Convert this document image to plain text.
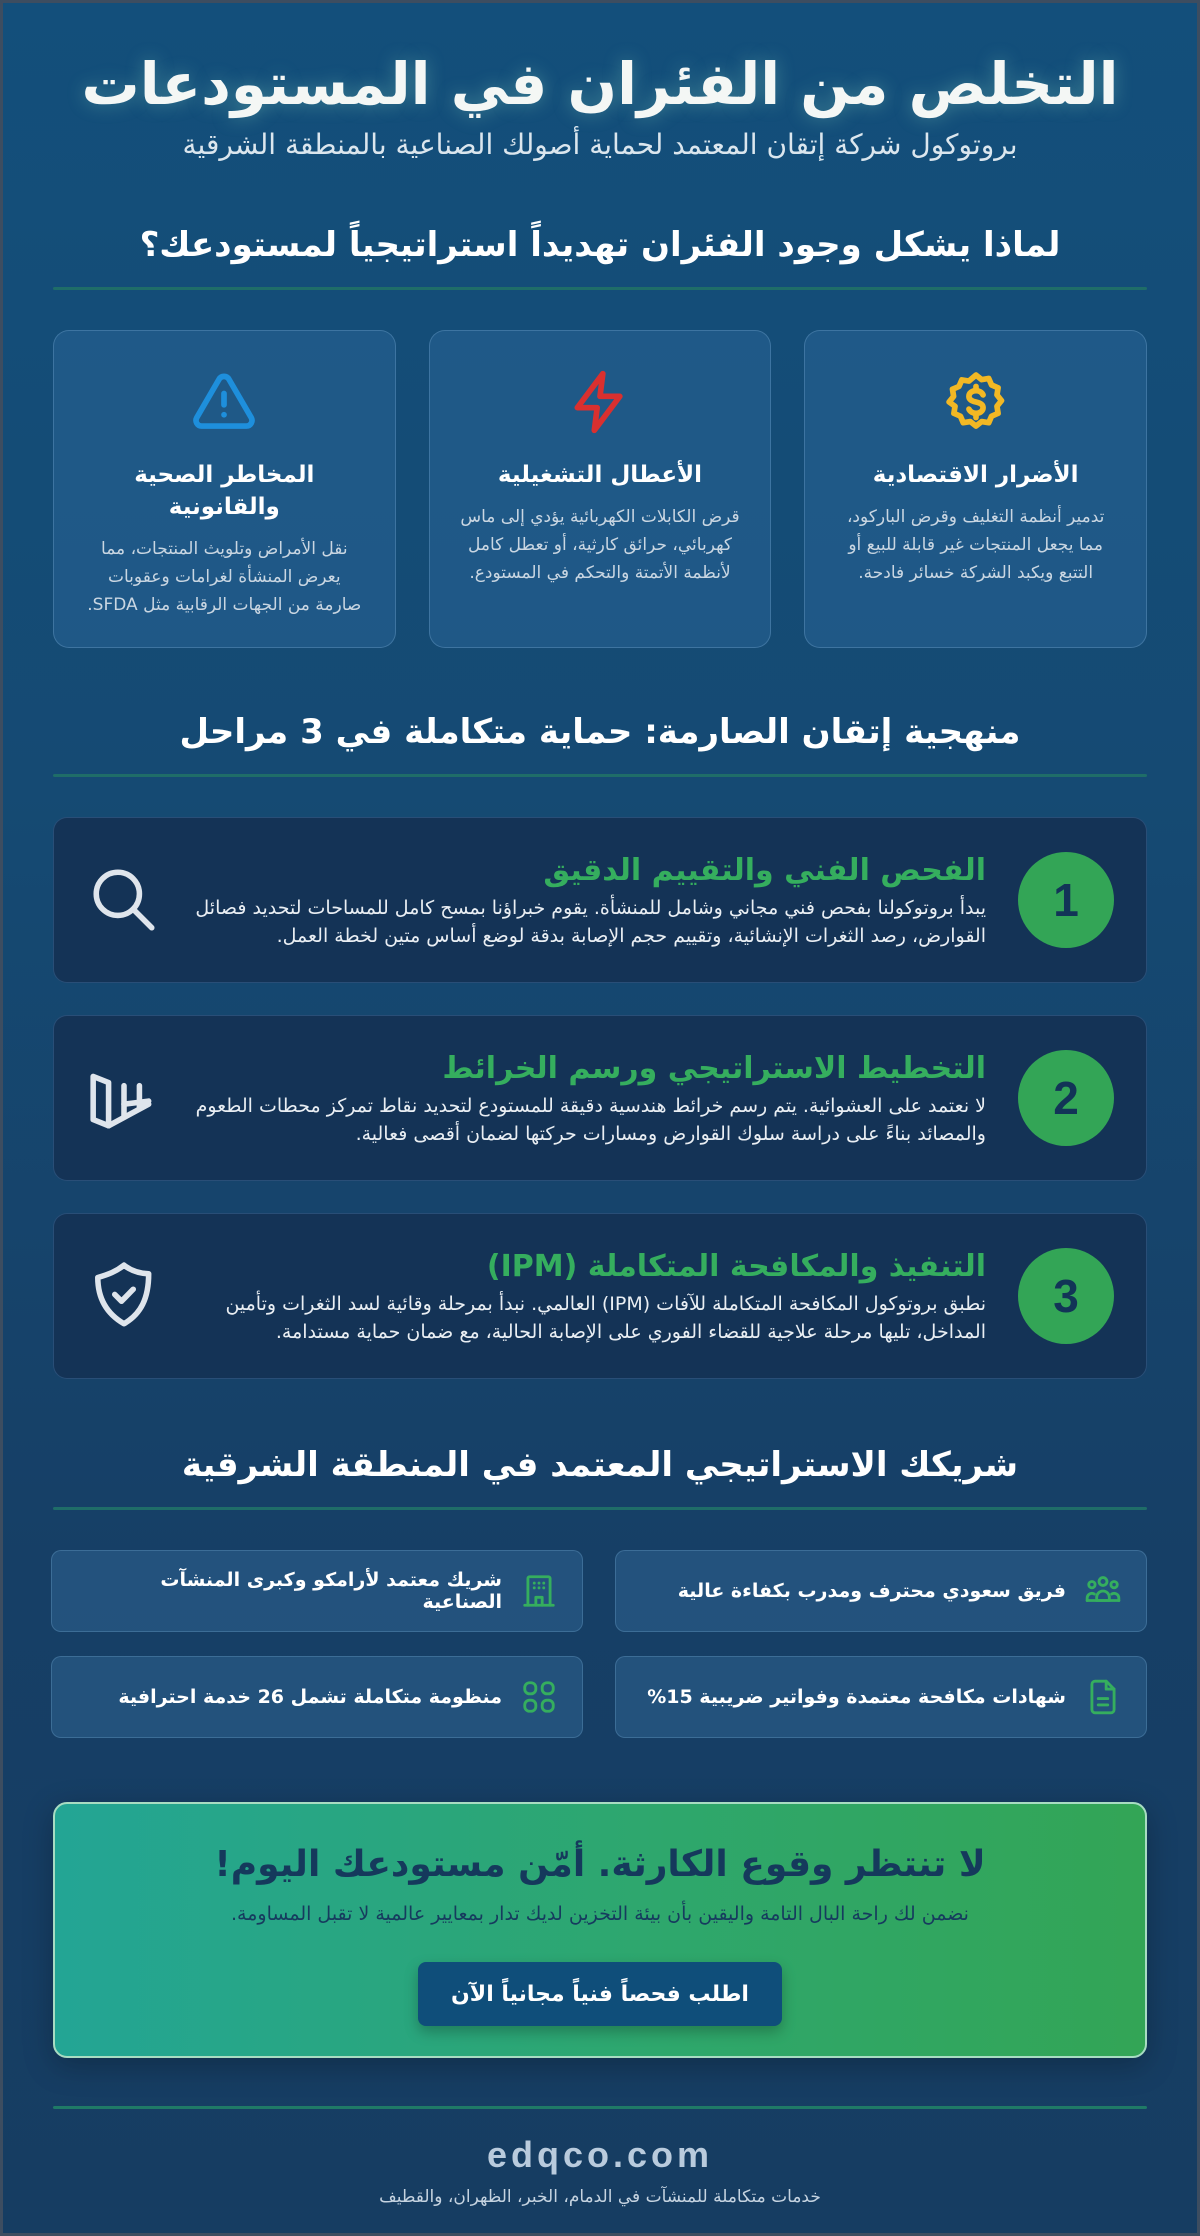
التخلص من الفئران في المستودعات

بروتوكول شركة إتقان المعتمد لحماية أصولك الصناعية بالمنطقة الشرقية

لماذا يشكل وجود الفئران تهديداً استراتيجياً لمستودعك؟
الأضرار الاقتصادية

تدمير أنظمة التغليف وقرض الباركود، مما يجعل المنتجات غير قابلة للبيع أو التتبع ويكبد الشركة خسائر فادحة.

الأعطال التشغيلية

قرض الكابلات الكهربائية يؤدي إلى ماس كهربائي، حرائق كارثية، أو تعطل كامل لأنظمة الأتمتة والتحكم في المستودع.

المخاطر الصحية والقانونية

نقل الأمراض وتلويث المنتجات، مما يعرض المنشأة لغرامات وعقوبات صارمة من الجهات الرقابية مثل SFDA.

منهجية إتقان الصارمة: حماية متكاملة في 3 مراحل
1
الفحص الفني والتقييم الدقيق

يبدأ بروتوكولنا بفحص فني مجاني وشامل للمنشأة. يقوم خبراؤنا بمسح كامل للمساحات لتحديد فصائل القوارض، رصد الثغرات الإنشائية، وتقييم حجم الإصابة بدقة لوضع أساس متين لخطة العمل.

2
التخطيط الاستراتيجي ورسم الخرائط

لا نعتمد على العشوائية. يتم رسم خرائط هندسية دقيقة للمستودع لتحديد نقاط تمركز محطات الطعوم والمصائد بناءً على دراسة سلوك القوارض ومسارات حركتها لضمان أقصى فعالية.

3
التنفيذ والمكافحة المتكاملة (IPM)

نطبق بروتوكول المكافحة المتكاملة للآفات (IPM) العالمي. نبدأ بمرحلة وقائية لسد الثغرات وتأمين المداخل، تليها مرحلة علاجية للقضاء الفوري على الإصابة الحالية، مع ضمان حماية مستدامة.

شريكك الاستراتيجي المعتمد في المنطقة الشرقية
فريق سعودي محترف ومدرب بكفاءة عالية
شريك معتمد لأرامكو وكبرى المنشآت الصناعية
شهادات مكافحة معتمدة وفواتير ضريبية 15%
منظومة متكاملة تشمل 26 خدمة احترافية
لا تنتظر وقوع الكارثة. أمّن مستودعك اليوم!

نضمن لك راحة البال التامة واليقين بأن بيئة التخزين لديك تدار بمعايير عالمية لا تقبل المساومة.

اطلب فحصاً فنياً مجانياً الآن
edqco.com
خدمات متكاملة للمنشآت في الدمام، الخبر، الظهران، والقطيف
